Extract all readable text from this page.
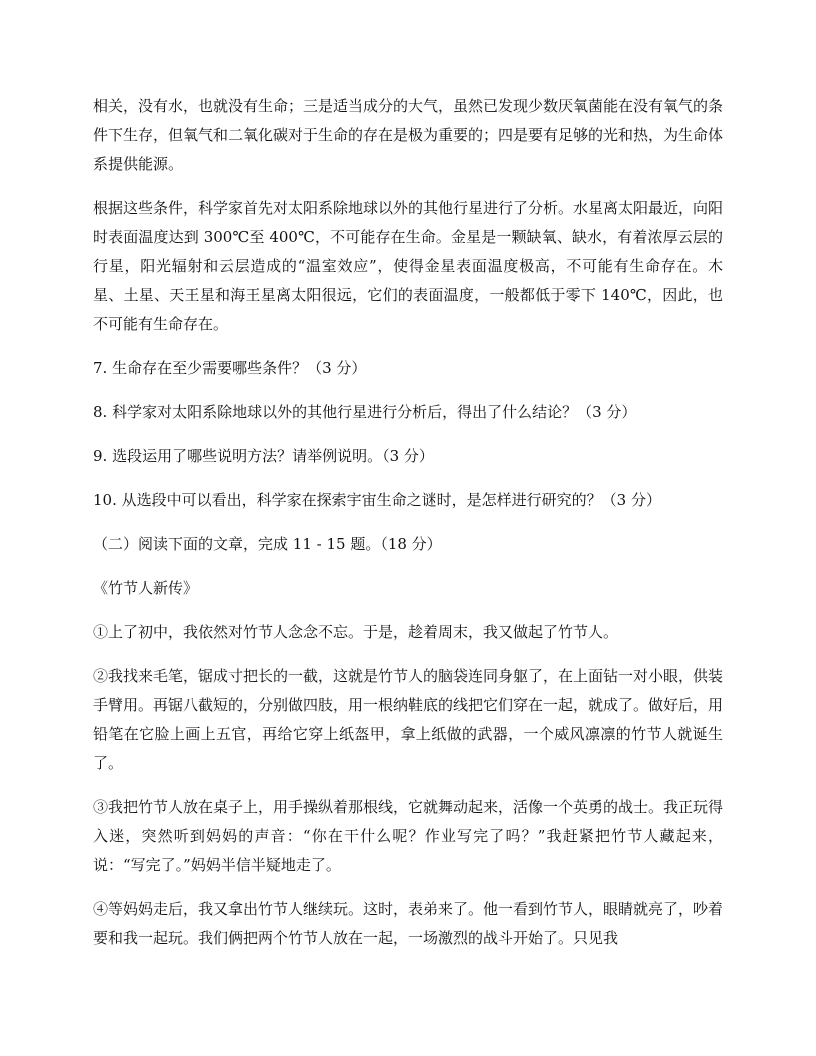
相关，没有水，也就没有生命；三是适当成分的大气，虽然已发现少数厌氧菌能在没有氧气的条件下生存，但氧气和二氧化碳对于生命的存在是极为重要的；四是要有足够的光和热，为生命体系提供能源。

根据这些条件，科学家首先对太阳系除地球以外的其他行星进行了分析。水星离太阳最近，向阳时表面温度达到 300℃至 400℃，不可能存在生命。金星是一颗缺氧、缺水，有着浓厚云层的行星，阳光辐射和云层造成的“温室效应”，使得金星表面温度极高，不可能有生命存在。木星、土星、天王星和海王星离太阳很远，它们的表面温度，一般都低于零下 140℃，因此，也不可能有生命存在。

7. 生命存在至少需要哪些条件？（3 分）

8. 科学家对太阳系除地球以外的其他行星进行分析后，得出了什么结论？（3 分）

9. 选段运用了哪些说明方法？请举例说明。（3 分）

10. 从选段中可以看出，科学家在探索宇宙生命之谜时，是怎样进行研究的？（3 分）

（二）阅读下面的文章，完成 11 - 15 题。（18 分）

《竹节人新传》

①上了初中，我依然对竹节人念念不忘。于是，趁着周末，我又做起了竹节人。

②我找来毛笔，锯成寸把长的一截，这就是竹节人的脑袋连同身躯了，在上面钻一对小眼，供装手臂用。再锯八截短的，分别做四肢，用一根纳鞋底的线把它们穿在一起，就成了。做好后，用铅笔在它脸上画上五官，再给它穿上纸盔甲，拿上纸做的武器，一个威风凛凛的竹节人就诞生了。

③我把竹节人放在桌子上，用手操纵着那根线，它就舞动起来，活像一个英勇的战士。我正玩得入迷，突然听到妈妈的声音：“你在干什么呢？作业写完了吗？”我赶紧把竹节人藏起来，说：“写完了。”妈妈半信半疑地走了。

④等妈妈走后，我又拿出竹节人继续玩。这时，表弟来了。他一看到竹节人，眼睛就亮了，吵着要和我一起玩。我们俩把两个竹节人放在一起，一场激烈的战斗开始了。只见我
